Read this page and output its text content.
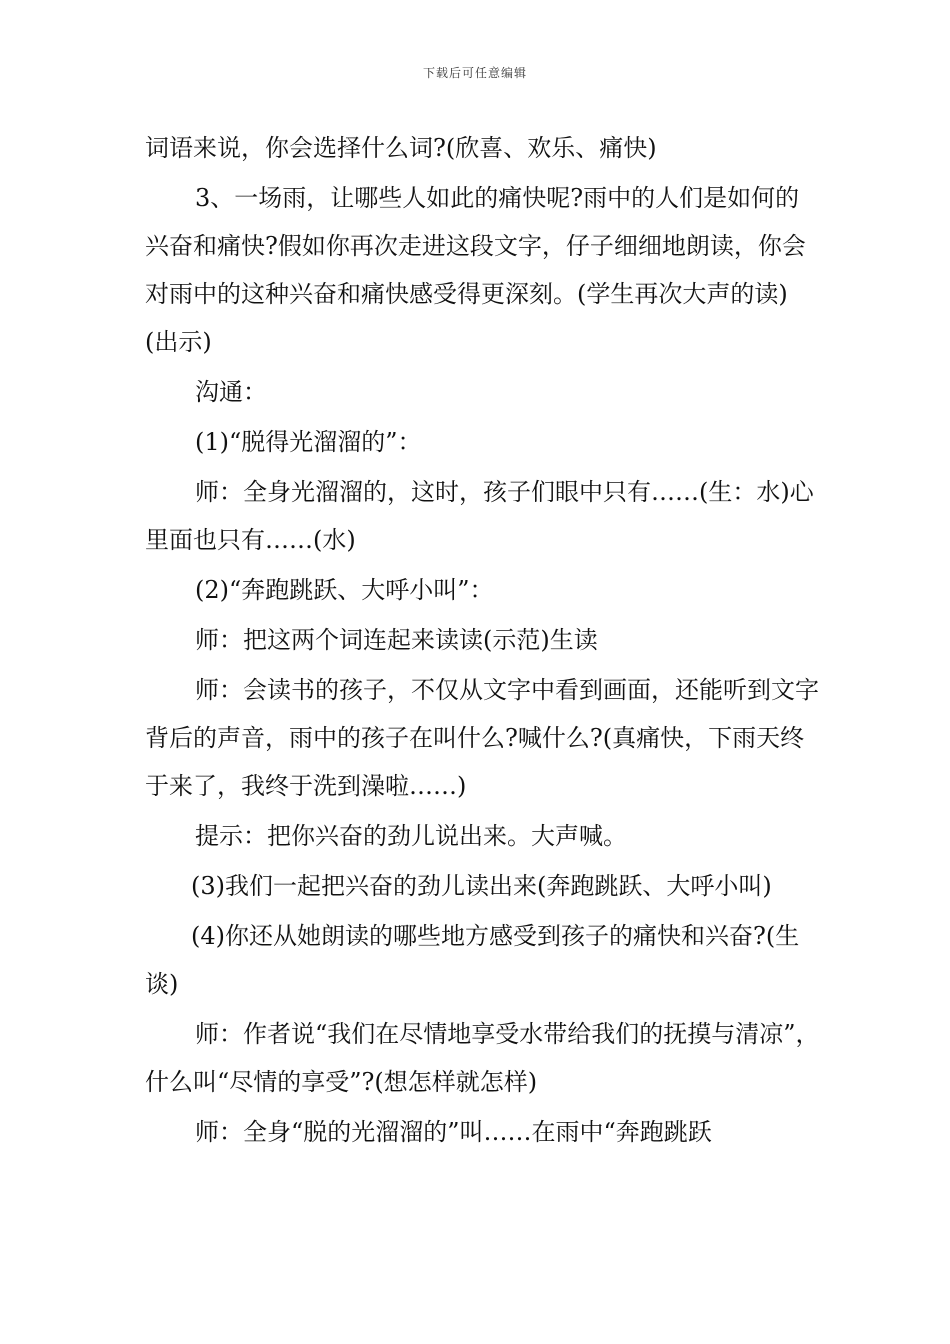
下载后可任意编辑

词语来说，你会选择什么词?(欣喜、欢乐、痛快)

3、一场雨，让哪些人如此的痛快呢?雨中的人们是如何的兴奋和痛快?假如你再次走进这段文字，仔子细细地朗读，你会对雨中的这种兴奋和痛快感受得更深刻。(学生再次大声的读)(出示)

沟通：

(1)“脱得光溜溜的”：

师：全身光溜溜的，这时，孩子们眼中只有……(生：水)心里面也只有……(水)

(2)“奔跑跳跃、大呼小叫”：

师：把这两个词连起来读读(示范)生读

师：会读书的孩子，不仅从文字中看到画面，还能听到文字背后的声音，雨中的孩子在叫什么?喊什么?(真痛快，下雨天终于来了，我终于洗到澡啦……)

提示：把你兴奋的劲儿说出来。大声喊。

(3)我们一起把兴奋的劲儿读出来(奔跑跳跃、大呼小叫)

(4)你还从她朗读的哪些地方感受到孩子的痛快和兴奋?(生谈)

师：作者说“我们在尽情地享受水带给我们的抚摸与清凉”，什么叫“尽情的享受”?(想怎样就怎样)

师：全身“脱的光溜溜的”叫……在雨中“奔跑跳跃
